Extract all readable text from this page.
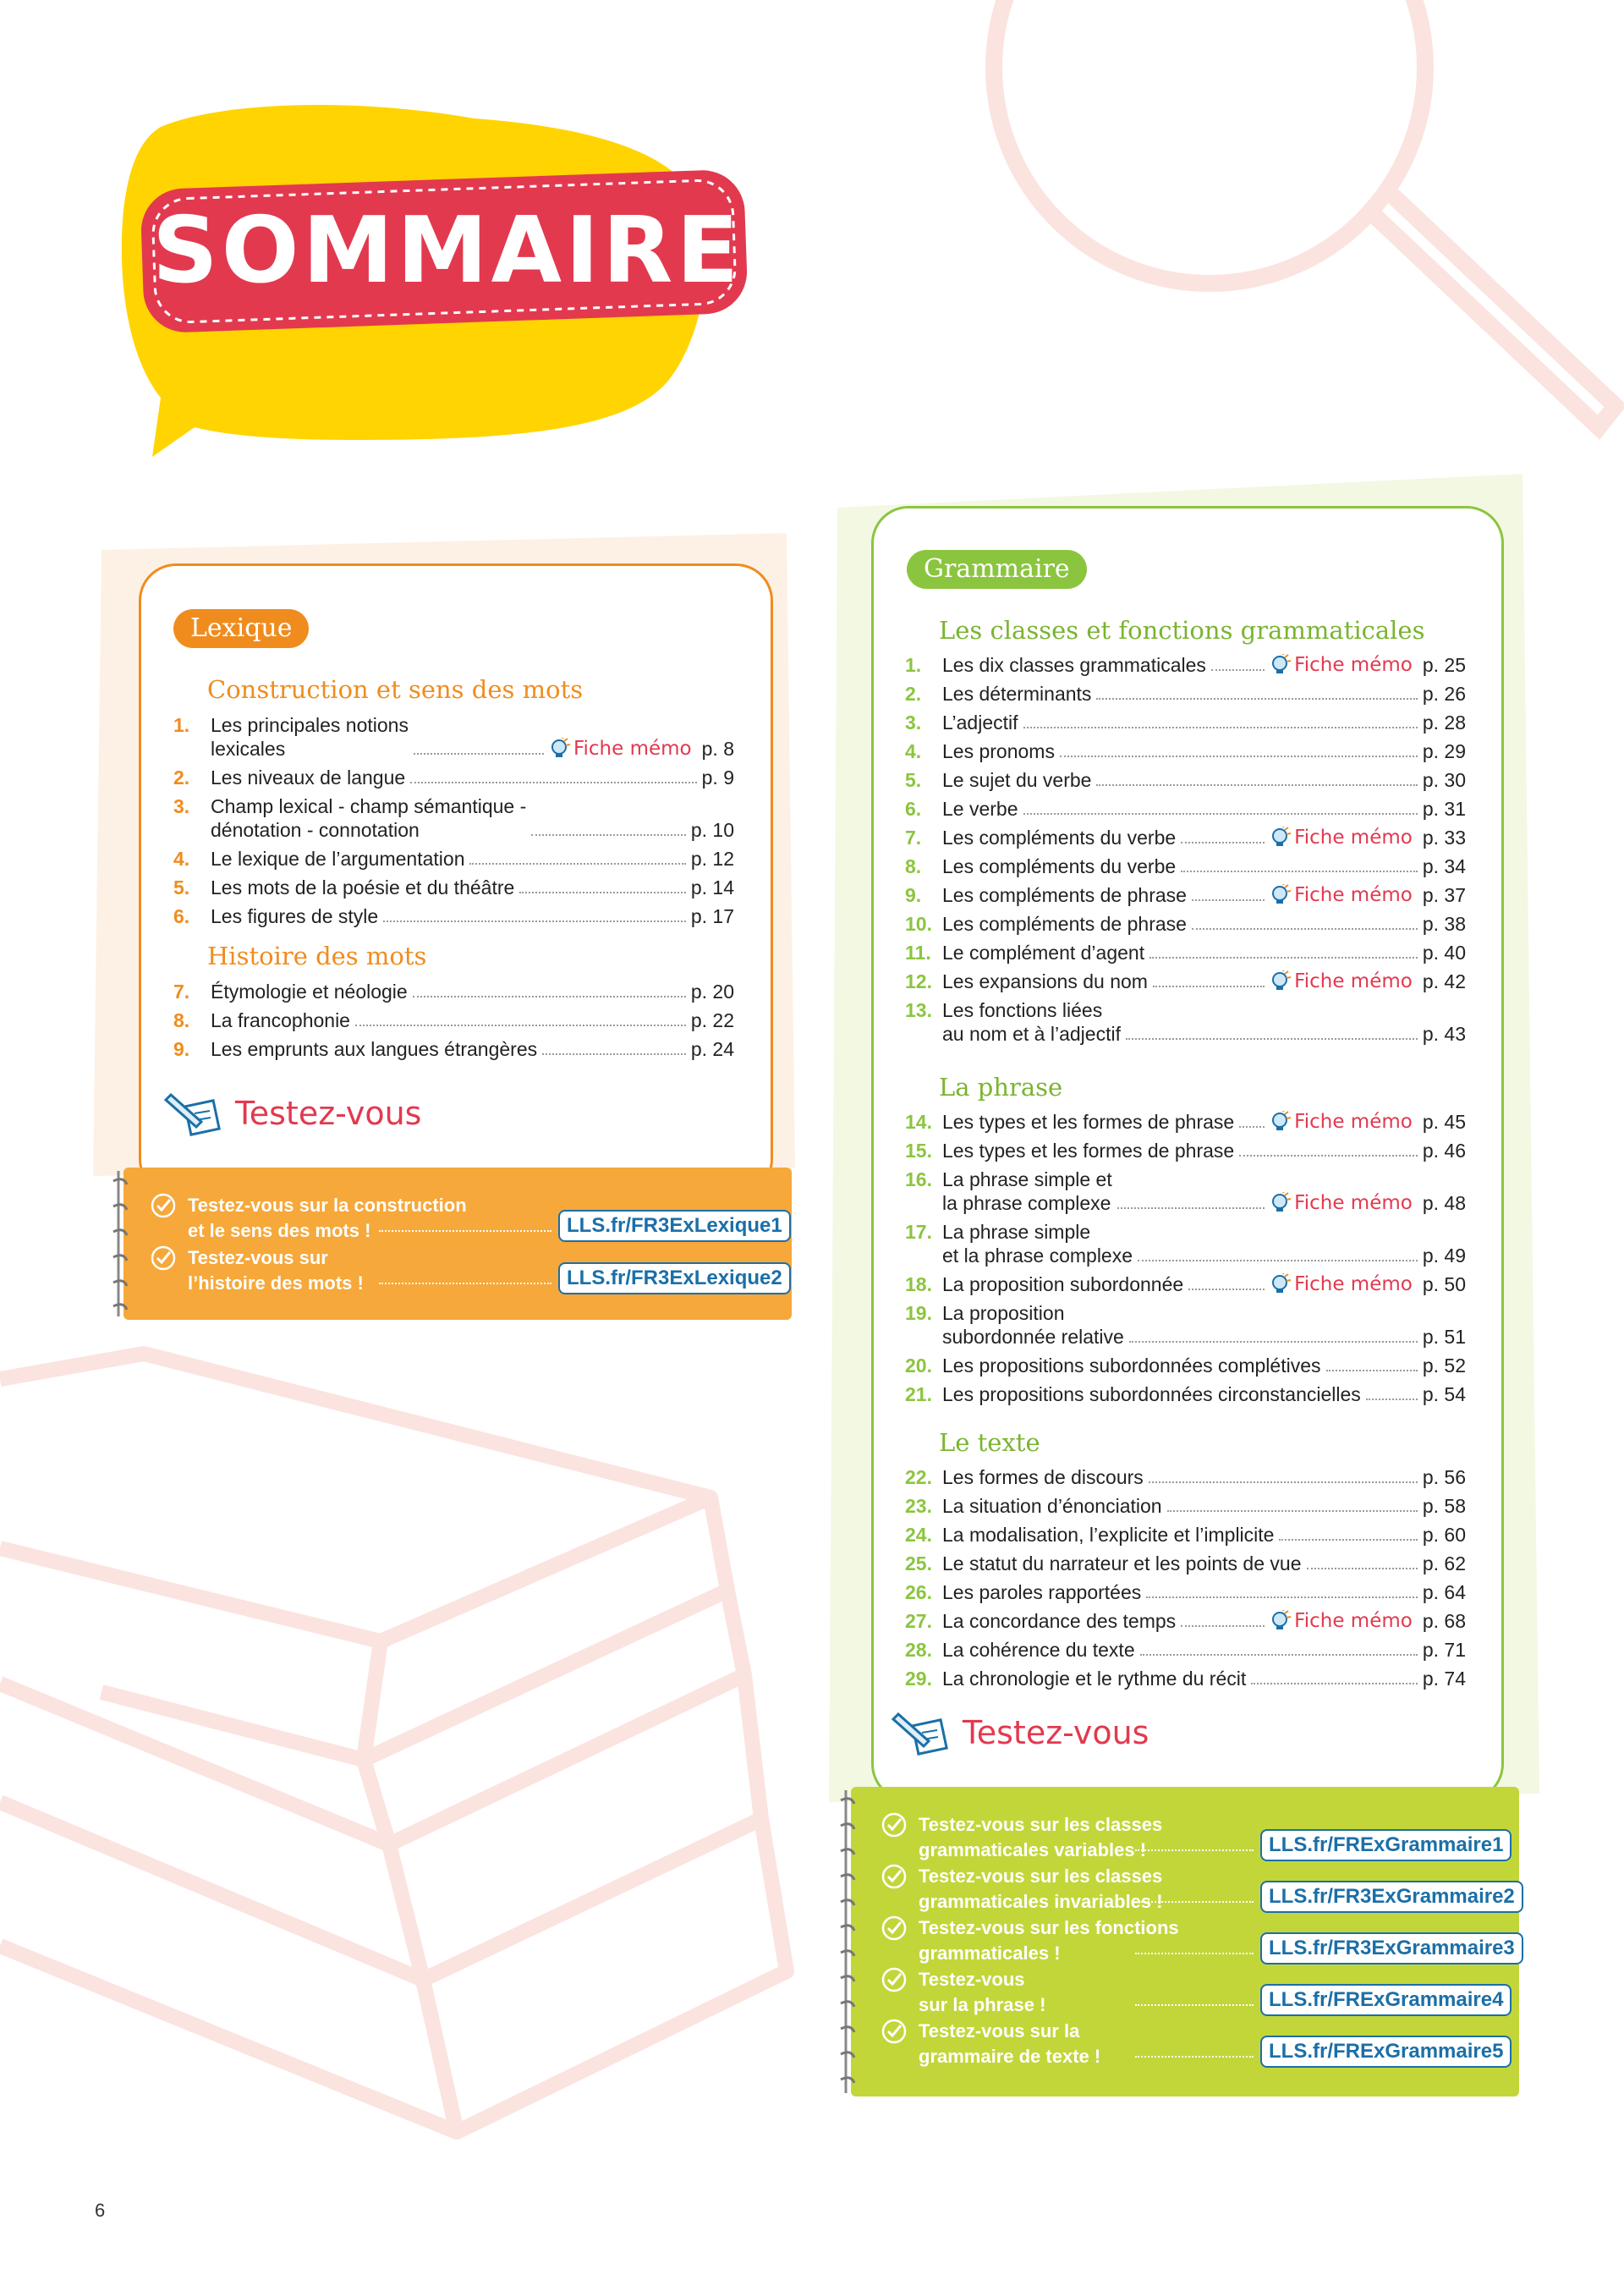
SOMMAIRE
Lexique
Construction et sens des mots
1. Les principales notions
lexicales	Fiche mémo p. 8
2. Les niveaux de langue	p. 9
3. Champ lexical - champ sémantique -
dénotation - connotation	p. 10
4. Le lexique de l’argumentation	p. 12
5. Les mots de la poésie et du théâtre	p. 14
6. Les figures de style	p. 17
Histoire des mots
7. Étymologie et néologie	p. 20
8. La francophonie	p. 22
9. Les emprunts aux langues étrangères	p. 24
Testez-vous
Testez-vous sur la construction
et le sens des mots !	LLS.fr/FR3ExLexique1
Testez-vous sur
l’histoire des mots !	LLS.fr/FR3ExLexique2
Grammaire
Les classes et fonctions grammaticales
1. Les dix classes grammaticales	Fiche mémo p. 25
2. Les déterminants	p. 26
3. L’adjectif	p. 28
4. Les pronoms	p. 29
5. Le sujet du verbe	p. 30
6. Le verbe	p. 31
7. Les compléments du verbe	Fiche mémo p. 33
8. Les compléments du verbe	p. 34
9. Les compléments de phrase	Fiche mémo p. 37
10. Les compléments de phrase	p. 38
11. Le complément d’agent	p. 40
12. Les expansions du nom	Fiche mémo p. 42
13. Les fonctions liées
au nom et à l’adjectif	p. 43
La phrase
14. Les types et les formes de phrase	Fiche mémo p. 45
15. Les types et les formes de phrase	p. 46
16. La phrase simple et
la phrase complexe	Fiche mémo p. 48
17. La phrase simple
et la phrase complexe	p. 49
18. La proposition subordonnée	Fiche mémo p. 50
19. La proposition
subordonnée relative	p. 51
20. Les propositions subordonnées complétives	p. 52
21. Les propositions subordonnées circonstancielles	p. 54
Le texte
22. Les formes de discours	p. 56
23. La situation d’énonciation	p. 58
24. La modalisation, l’explicite et l’implicite	p. 60
25. Le statut du narrateur et les points de vue	p. 62
26. Les paroles rapportées	p. 64
27. La concordance des temps	Fiche mémo p. 68
28. La cohérence du texte	p. 71
29. La chronologie et le rythme du récit	p. 74
Testez-vous
Testez-vous sur les classes
grammaticales variables !	LLS.fr/FRExGrammaire1
Testez-vous sur les classes
grammaticales invariables !	LLS.fr/FR3ExGrammaire2
Testez-vous sur les fonctions
grammaticales !	LLS.fr/FR3ExGrammaire3
Testez-vous
sur la phrase !	LLS.fr/FRExGrammaire4
Testez-vous sur la
grammaire de texte !	LLS.fr/FRExGrammaire5
6
